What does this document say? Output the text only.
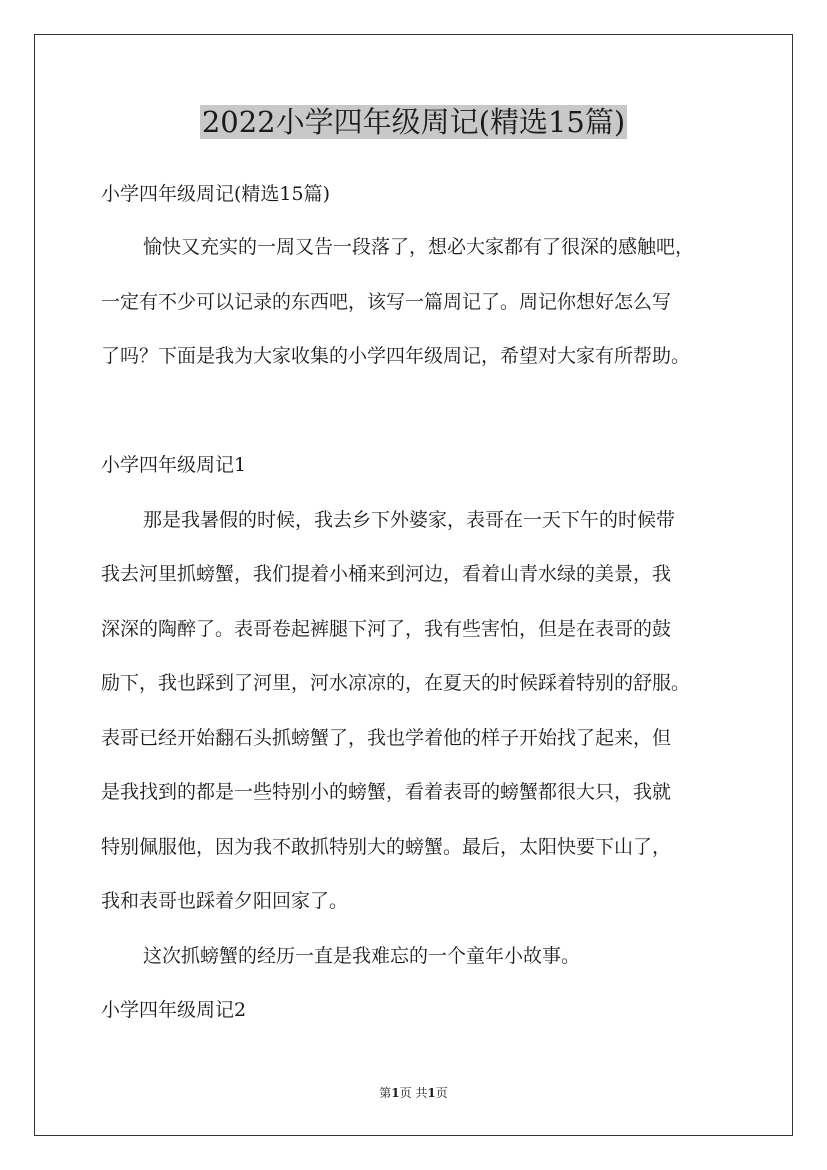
2022小学四年级周记(精选15篇)
小学四年级周记(精选15篇)
愉快又充实的一周又告一段落了，想必大家都有了很深的感触吧，
一定有不少可以记录的东西吧，该写一篇周记了。周记你想好怎么写
了吗？下面是我为大家收集的小学四年级周记，希望对大家有所帮助。
小学四年级周记1
那是我暑假的时候，我去乡下外婆家，表哥在一天下午的时候带
我去河里抓螃蟹，我们提着小桶来到河边，看着山青水绿的美景，我
深深的陶醉了。表哥卷起裤腿下河了，我有些害怕，但是在表哥的鼓
励下，我也踩到了河里，河水凉凉的，在夏天的时候踩着特别的舒服。
表哥已经开始翻石头抓螃蟹了，我也学着他的样子开始找了起来，但
是我找到的都是一些特别小的螃蟹，看着表哥的螃蟹都很大只，我就
特别佩服他，因为我不敢抓特别大的螃蟹。最后，太阳快要下山了，
我和表哥也踩着夕阳回家了。
这次抓螃蟹的经历一直是我难忘的一个童年小故事。
小学四年级周记2
第1页 共1页
